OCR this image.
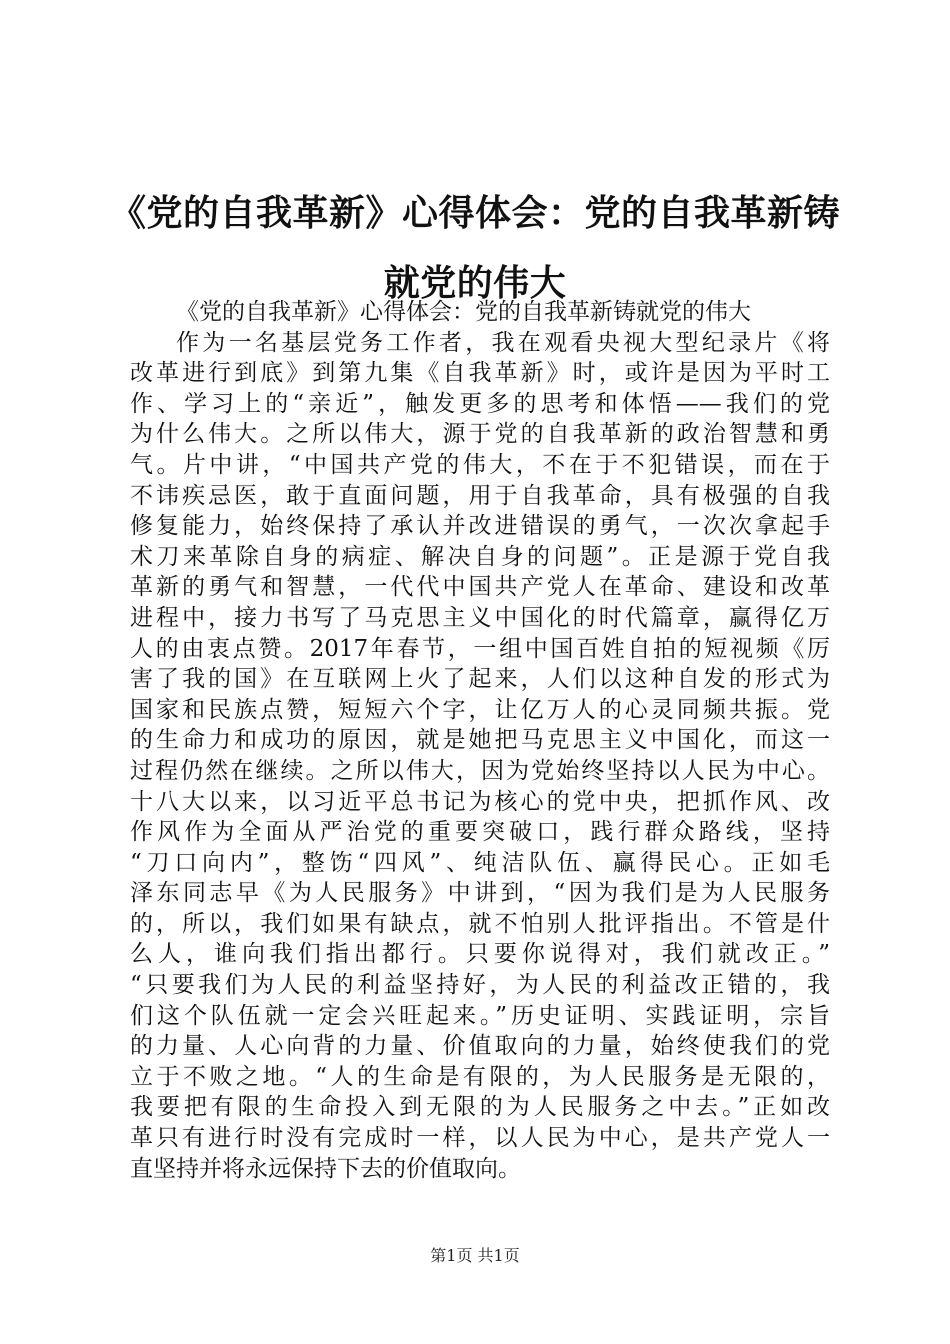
《党的自我革新》心得体会：党的自我革新铸
就党的伟大
《党的自我革新》心得体会：党的自我革新铸就党的伟大
作为一名基层党务工作者，我在观看央视大型纪录片《将
改革进行到底》到第九集《自我革新》时，或许是因为平时工
作、学习上的“亲近”，触发更多的思考和体悟——我们的党
为什么伟大。之所以伟大，源于党的自我革新的政治智慧和勇
气。片中讲，“中国共产党的伟大，不在于不犯错误，而在于
不讳疾忌医，敢于直面问题，用于自我革命，具有极强的自我
修复能力，始终保持了承认并改进错误的勇气，一次次拿起手
术刀来革除自身的病症、解决自身的问题”。正是源于党自我
革新的勇气和智慧，一代代中国共产党人在革命、建设和改革
进程中，接力书写了马克思主义中国化的时代篇章，赢得亿万
人的由衷点赞。2017年春节，一组中国百姓自拍的短视频《厉
害了我的国》在互联网上火了起来，人们以这种自发的形式为
国家和民族点赞，短短六个字，让亿万人的心灵同频共振。党
的生命力和成功的原因，就是她把马克思主义中国化，而这一
过程仍然在继续。之所以伟大，因为党始终坚持以人民为中心。
十八大以来，以习近平总书记为核心的党中央，把抓作风、改
作风作为全面从严治党的重要突破口，践行群众路线，坚持
“刀口向内”，整饬“四风”、纯洁队伍、赢得民心。正如毛
泽东同志早《为人民服务》中讲到，“因为我们是为人民服务
的，所以，我们如果有缺点，就不怕别人批评指出。不管是什
么人，谁向我们指出都行。只要你说得对，我们就改正。”
“只要我们为人民的利益坚持好，为人民的利益改正错的，我
们这个队伍就一定会兴旺起来。”历史证明、实践证明，宗旨
的力量、人心向背的力量、价值取向的力量，始终使我们的党
立于不败之地。“人的生命是有限的，为人民服务是无限的，
我要把有限的生命投入到无限的为人民服务之中去。”正如改
革只有进行时没有完成时一样，以人民为中心，是共产党人一
直坚持并将永远保持下去的价值取向。
第1页 共1页
